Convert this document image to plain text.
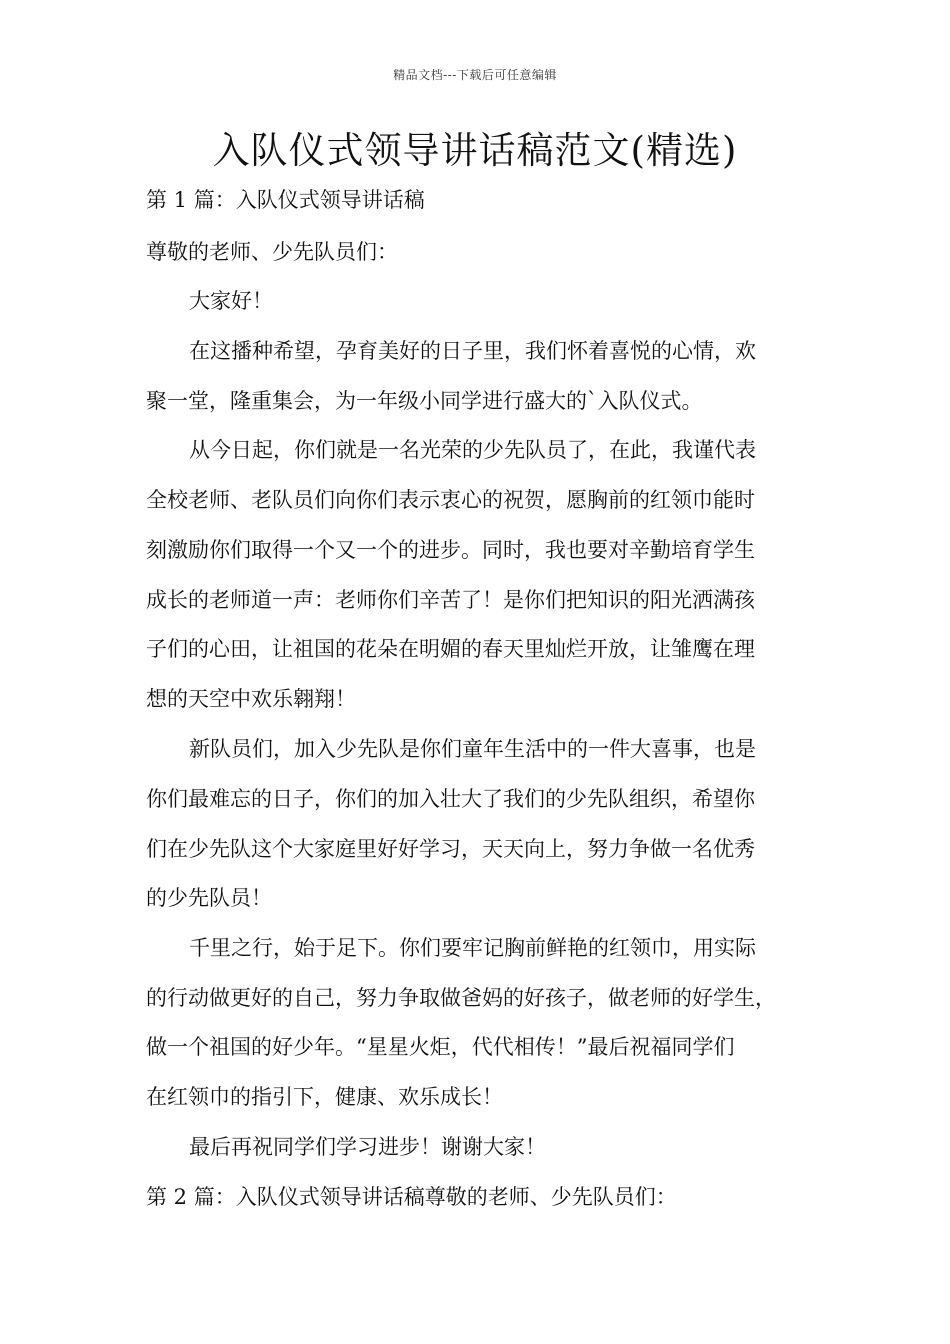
精品文档---下载后可任意编辑
入队仪式领导讲话稿范文(精选)
第 1 篇：入队仪式领导讲话稿
尊敬的老师、少先队员们：
大家好！
在这播种希望，孕育美好的日子里，我们怀着喜悦的心情，欢
聚一堂，隆重集会，为一年级小同学进行盛大的`入队仪式。
从今日起，你们就是一名光荣的少先队员了，在此，我谨代表
全校老师、老队员们向你们表示衷心的祝贺，愿胸前的红领巾能时
刻激励你们取得一个又一个的进步。同时，我也要对辛勤培育学生
成长的老师道一声：老师你们辛苦了！是你们把知识的阳光洒满孩
子们的心田，让祖国的花朵在明媚的春天里灿烂开放，让雏鹰在理
想的天空中欢乐翱翔！
新队员们，加入少先队是你们童年生活中的一件大喜事，也是
你们最难忘的日子，你们的加入壮大了我们的少先队组织，希望你
们在少先队这个大家庭里好好学习，天天向上，努力争做一名优秀
的少先队员！
千里之行，始于足下。你们要牢记胸前鲜艳的红领巾，用实际
的行动做更好的自己，努力争取做爸妈的好孩子，做老师的好学生，
做一个祖国的好少年。“星星火炬，代代相传！”最后祝福同学们
在红领巾的指引下，健康、欢乐成长！
最后再祝同学们学习进步！谢谢大家！
第 2 篇：入队仪式领导讲话稿尊敬的老师、少先队员们：
